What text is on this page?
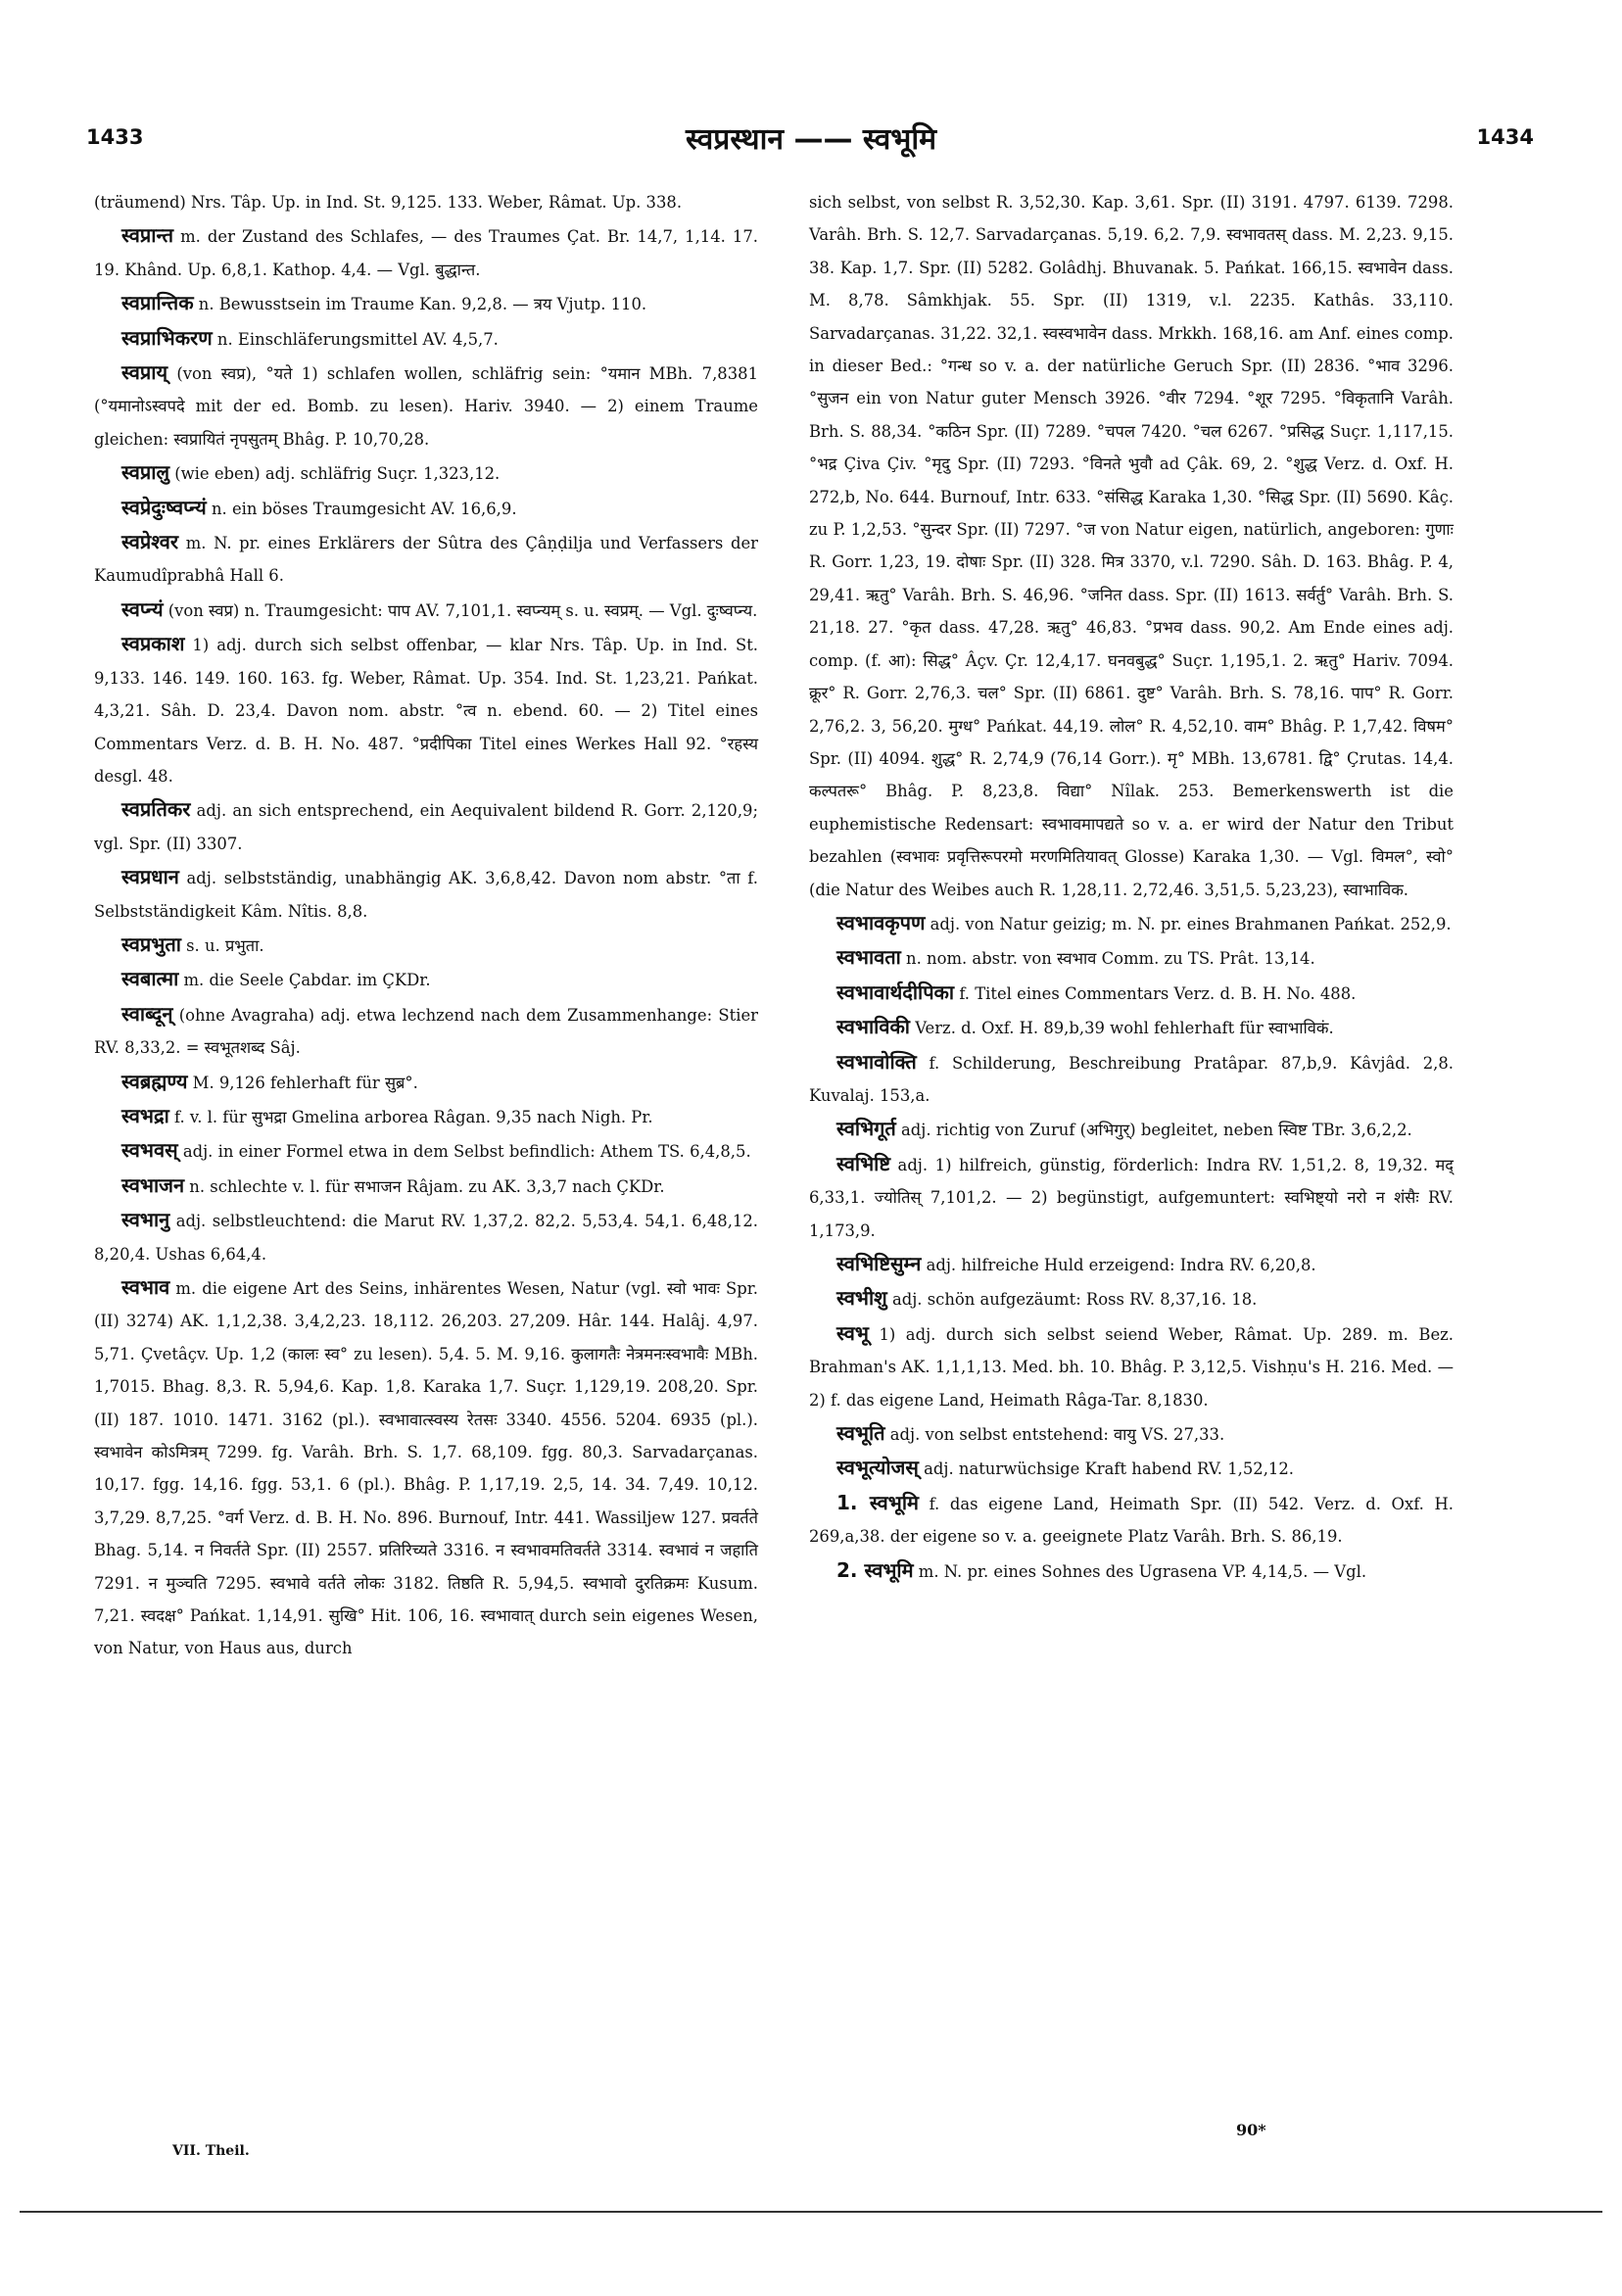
1433	स्वप्रस्थान —— स्वभूमि	1434

(träumend) Nrs. Tâp. Up. in Ind. St. 9,125. 133. Weber, Râmat. Up. 338.

स्वप्रान्त m. der Zustand des Schlafes, — des Traumes Çat. Br. 14,7, 1,14. 17. 19. Khând. Up. 6,8,1. Kathop. 4,4. — Vgl. बुद्धान्त.

स्वप्रान्तिक n. Bewusstsein im Traume Kan. 9,2,8. — त्रय Vjutp. 110.

स्वप्राभिकरण n. Einschläferungsmittel AV. 4,5,7.

स्वप्राय् (von स्वप्र), °यते 1) schlafen wollen, schläfrig sein: °यमान MBh. 7,8381 (°यमानोऽस्वपदे mit der ed. Bomb. zu lesen). Hariv. 3940. — 2) einem Traume gleichen: स्वप्रायितं नृपसुतम् Bhâg. P. 10,70,28.

स्वप्रालु (wie eben) adj. schläfrig Suçr. 1,323,12.

स्वप्रेदुःष्वप्न्यं n. ein böses Traumgesicht AV. 16,6,9.

स्वप्रेश्वर m. N. pr. eines Erklärers der Sûtra des Çâṇḍilja und Verfassers der Kaumudîprabhâ Hall 6.

स्वप्न्यं (von स्वप्र) n. Traumgesicht: पाप AV. 7,101,1. स्वप्न्यम् s. u. स्वप्रम्. — Vgl. दुःष्वप्न्य.

स्वप्रकाश 1) adj. durch sich selbst offenbar, — klar Nrs. Tâp. Up. in Ind. St. 9,133. 146. 149. 160. 163. fg. Weber, Râmat. Up. 354. Ind. St. 1,23,21. Pańkat. 4,3,21. Sâh. D. 23,4. Davon nom. abstr. °त्व n. ebend. 60. — 2) Titel eines Commentars Verz. d. B. H. No. 487. °प्रदीपिका Titel eines Werkes Hall 92. °रहस्य desgl. 48.

स्वप्रतिकर adj. an sich entsprechend, ein Aequivalent bildend R. Gorr. 2,120,9; vgl. Spr. (II) 3307.

स्वप्रधान adj. selbstständig, unabhängig AK. 3,6,8,42. Davon nom abstr. °ता f. Selbstständigkeit Kâm. Nîtis. 8,8.

स्वप्रभुता s. u. प्रभुता.

स्वबात्मा m. die Seele Çabdar. im ÇKDr.

स्वाब्दून् (ohne Avagraha) adj. etwa lechzend nach dem Zusammenhange: Stier RV. 8,33,2. = स्वभूतशब्द Sâj.

स्वब्रह्मण्य M. 9,126 fehlerhaft für सुब्र°.

स्वभद्रा f. v. l. für सुभद्रा Gmelina arborea Râgan. 9,35 nach Nigh. Pr.

स्वभवस् adj. in einer Formel etwa in dem Selbst befindlich: Athem TS. 6,4,8,5.

स्वभाजन n. schlechte v. l. für सभाजन Râjam. zu AK. 3,3,7 nach ÇKDr.

स्वभानु adj. selbstleuchtend: die Marut RV. 1,37,2. 82,2. 5,53,4. 54,1. 6,48,12. 8,20,4. Ushas 6,64,4.

स्वभाव m. die eigene Art des Seins, inhärentes Wesen, Natur (vgl. स्वो भावः Spr. (II) 3274) AK. 1,1,2,38. 3,4,2,23. 18,112. 26,203. 27,209. Hâr. 144. Halâj. 4,97. 5,71. Çvetâçv. Up. 1,2 (कालः स्व° zu lesen). 5,4. 5. M. 9,16. कुलागतैः नेत्रमनःस्वभावैः MBh. 1,7015. Bhag. 8,3. R. 5,94,6. Kap. 1,8. Karaka 1,7. Suçr. 1,129,19. 208,20. Spr. (II) 187. 1010. 1471. 3162 (pl.). स्वभावात्स्वस्य रेतसः 3340. 4556. 5204. 6935 (pl.). स्वभावेन कोऽमित्रम् 7299. fg. Varâh. Brh. S. 1,7. 68,109. fgg. 80,3. Sarvadarçanas. 10,17. fgg. 14,16. fgg. 53,1. 6 (pl.). Bhâg. P. 1,17,19. 2,5, 14. 34. 7,49. 10,12. 3,7,29. 8,7,25. °वर्ग Verz. d. B. H. No. 896. Burnouf, Intr. 441. Wassiljew 127. प्रवर्तते Bhag. 5,14. न निवर्तते Spr. (II) 2557. प्रतिरिच्यते 3316. न स्वभावमतिवर्तते 3314. स्वभावं न जहाति 7291. न मुञ्चति 7295. स्वभावे वर्तते लोकः 3182. तिष्ठति R. 5,94,5. स्वभावो दुरतिक्रमः Kusum. 7,21. स्वदक्ष° Pańkat. 1,14,91. सुखि° Hit. 106, 16. स्वभावात् durch sein eigenes Wesen, von Natur, von Haus aus, durch

sich selbst, von selbst R. 3,52,30. Kap. 3,61. Spr. (II) 3191. 4797. 6139. 7298. Varâh. Brh. S. 12,7. Sarvadarçanas. 5,19. 6,2. 7,9. स्वभावतस् dass. M. 2,23. 9,15. 38. Kap. 1,7. Spr. (II) 5282. Golâdhj. Bhuvanak. 5. Pańkat. 166,15. स्वभावेन dass. M. 8,78. Sâmkhjak. 55. Spr. (II) 1319, v.l. 2235. Kathâs. 33,110. Sarvadarçanas. 31,22. 32,1. स्वस्वभावेन dass. Mrkkh. 168,16. am Anf. eines comp. in dieser Bed.: °गन्ध so v. a. der natürliche Geruch Spr. (II) 2836. °भाव 3296. °सुजन ein von Natur guter Mensch 3926. °वीर 7294. °शूर 7295. °विकृतानि Varâh. Brh. S. 88,34. °कठिन Spr. (II) 7289. °चपल 7420. °चल 6267. °प्रसिद्ध Suçr. 1,117,15. °भद्र Çiva Çiv. °मृदु Spr. (II) 7293. °विनते भुवौ ad Çâk. 69, 2. °शुद्ध Verz. d. Oxf. H. 272,b, No. 644. Burnouf, Intr. 633. °संसिद्ध Karaka 1,30. °सिद्ध Spr. (II) 5690. Kâç. zu P. 1,2,53. °सुन्दर Spr. (II) 7297. °ज von Natur eigen, natürlich, angeboren: गुणाः R. Gorr. 1,23, 19. दोषाः Spr. (II) 328. मित्र 3370, v.l. 7290. Sâh. D. 163. Bhâg. P. 4, 29,41. ऋतु° Varâh. Brh. S. 46,96. °जनित dass. Spr. (II) 1613. सर्वर्तु° Varâh. Brh. S. 21,18. 27. °कृत dass. 47,28. ऋतु° 46,83. °प्रभव dass. 90,2. Am Ende eines adj. comp. (f. आ): सिद्ध° Âçv. Çr. 12,4,17. घनवबुद्ध° Suçr. 1,195,1. 2. ऋतु° Hariv. 7094. क्रूर° R. Gorr. 2,76,3. चल° Spr. (II) 6861. दुष्ट° Varâh. Brh. S. 78,16. पाप° R. Gorr. 2,76,2. 3, 56,20. मुग्ध° Pańkat. 44,19. लोल° R. 4,52,10. वाम° Bhâg. P. 1,7,42. विषम° Spr. (II) 4094. शुद्ध° R. 2,74,9 (76,14 Gorr.). मृ° MBh. 13,6781. द्वि° Çrutas. 14,4. कल्पतरू° Bhâg. P. 8,23,8. विद्या° Nîlak. 253. Bemerkenswerth ist die euphemistische Redensart: स्वभावमापद्यते so v. a. er wird der Natur den Tribut bezahlen (स्वभावः प्रवृत्तिरूपरमो मरणमितियावत् Glosse) Karaka 1,30. — Vgl. विमल°, स्वो° (die Natur des Weibes auch R. 1,28,11. 2,72,46. 3,51,5. 5,23,23), स्वाभाविक.

स्वभावकृपण adj. von Natur geizig; m. N. pr. eines Brahmanen Pańkat. 252,9.

स्वभावता n. nom. abstr. von स्वभाव Comm. zu TS. Prât. 13,14.

स्वभावार्थदीपिका f. Titel eines Commentars Verz. d. B. H. No. 488.

स्वभाविकी Verz. d. Oxf. H. 89,b,39 wohl fehlerhaft für स्वाभाविकं.

स्वभावोक्ति f. Schilderung, Beschreibung Pratâpar. 87,b,9. Kâvjâd. 2,8. Kuvalaj. 153,a.

स्वभिगूर्त adj. richtig von Zuruf (अभिगुर्) begleitet, neben स्विष्ट TBr. 3,6,2,2.

स्वभिष्टि adj. 1) hilfreich, günstig, förderlich: Indra RV. 1,51,2. 8, 19,32. मद् 6,33,1. ज्योतिस् 7,101,2. — 2) begünstigt, aufgemuntert: स्वभिष्ट्यो नरो न शंसैः RV. 1,173,9.

स्वभिष्टिसुम्न adj. hilfreiche Huld erzeigend: Indra RV. 6,20,8.

स्वभीशु adj. schön aufgezäumt: Ross RV. 8,37,16. 18.

स्वभू 1) adj. durch sich selbst seiend Weber, Râmat. Up. 289. m. Bez. Brahman's AK. 1,1,1,13. Med. bh. 10. Bhâg. P. 3,12,5. Vishṇu's H. 216. Med. — 2) f. das eigene Land, Heimath Râga-Tar. 8,1830.

स्वभूति adj. von selbst entstehend: वायु VS. 27,33.

स्वभूत्योजस् adj. naturwüchsige Kraft habend RV. 1,52,12.

1. स्वभूमि f. das eigene Land, Heimath Spr. (II) 542. Verz. d. Oxf. H. 269,a,38. der eigene so v. a. geeignete Platz Varâh. Brh. S. 86,19.

2. स्वभूमि m. N. pr. eines Sohnes des Ugrasena VP. 4,14,5. — Vgl.

VII. Theil.
90*
